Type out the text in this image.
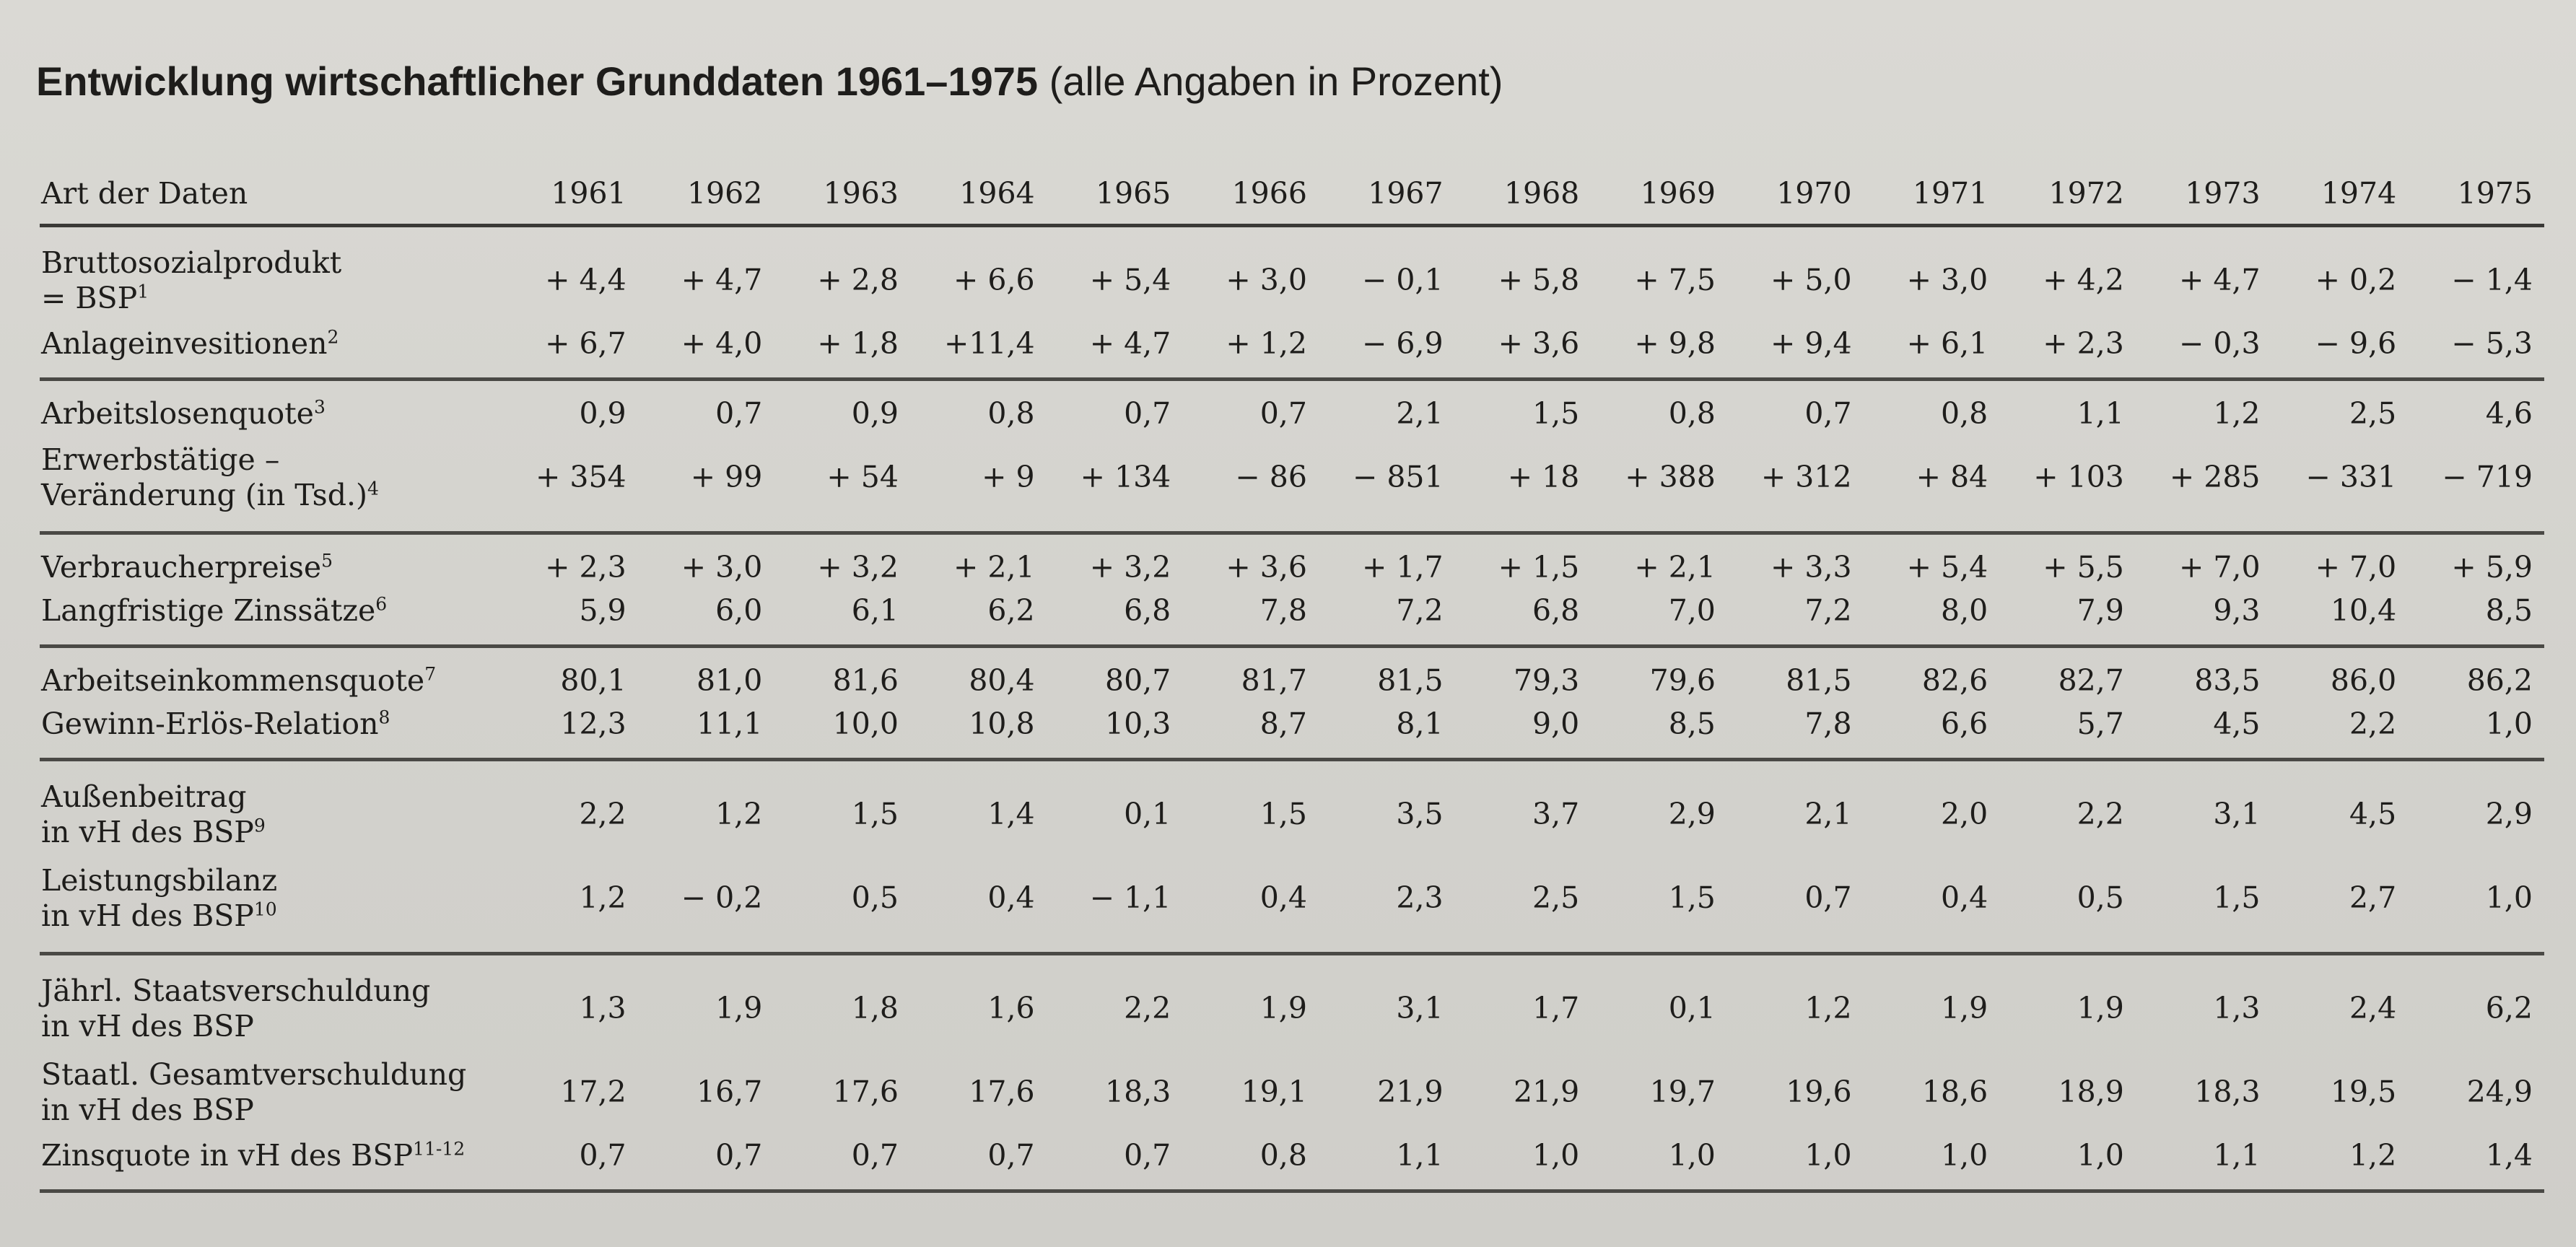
Entwicklung wirtschaftlicher Grunddaten 1961–1975 (alle Angaben in Prozent)
Art der Daten	1961	1962	1963	1964	1965	1966	1967	1968	1969	1970	1971	1972	1973	1974	1975
Bruttosozialprodukt
= $BSP^1$	+ 4,4	+ 4,7	+ 2,8	+ 6,6	+ 5,4	+ 3,0	− 0,1	+ 5,8	+ 7,5	+ 5,0	+ 3,0	+ 4,2	+ 4,7	+ 0,2	− 1,4
Anlageinvesitionen$^2$	+ 6,7	+ 4,0	+ 1,8	+11,4	+ 4,7	+ 1,2	− 6,9	+ 3,6	+ 9,8	+ 9,4	+ 6,1	+ 2,3	− 0,3	− 9,6	− 5,3
Arbeitslosenquote$^3$	0,9	0,7	0,9	0,8	0,7	0,7	2,1	1,5	0,8	0,7	0,8	1,1	1,2	2,5	4,6
Erwerbstätige –
Veränderung (in Tsd.)$^4$	+ 354	+ 99	+ 54	+ 9	+ 134	− 86	− 851	+ 18	+ 388	+ 312	+ 84	+ 103	+ 285	− 331	− 719
Verbraucherpreise$^5$	+ 2,3	+ 3,0	+ 3,2	+ 2,1	+ 3,2	+ 3,6	+ 1,7	+ 1,5	+ 2,1	+ 3,3	+ 5,4	+ 5,5	+ 7,0	+ 7,0	+ 5,9
Langfristige Zinssätze$^6$	5,9	6,0	6,1	6,2	6,8	7,8	7,2	6,8	7,0	7,2	8,0	7,9	9,3	10,4	8,5
Arbeitseinkommensquote$^7$	80,1	81,0	81,6	80,4	80,7	81,7	81,5	79,3	79,6	81,5	82,6	82,7	83,5	86,0	86,2
Gewinn-Erlös-Relation$^8$	12,3	11,1	10,0	10,8	10,3	8,7	8,1	9,0	8,5	7,8	6,6	5,7	4,5	2,2	1,0
Außenbeitrag
in vH des BSP$^9$	2,2	1,2	1,5	1,4	0,1	1,5	3,5	3,7	2,9	2,1	2,0	2,2	3,1	4,5	2,9
Leistungsbilanz
in vH des BSP$^{10}$	1,2	− 0,2	0,5	0,4	− 1,1	0,4	2,3	2,5	1,5	0,7	0,4	0,5	1,5	2,7	1,0
Jährl. Staatsverschuldung
in vH des BSP	1,3	1,9	1,8	1,6	2,2	1,9	3,1	1,7	0,1	1,2	1,9	1,9	1,3	2,4	6,2
Staatl. Gesamtverschuldung
in vH des BSP	17,2	16,7	17,6	17,6	18,3	19,1	21,9	21,9	19,7	19,6	18,6	18,9	18,3	19,5	24,9
Zinsquote in vH des BSP$^{11-12}$	0,7	0,7	0,7	0,7	0,7	0,8	1,1	1,0	1,0	1,0	1,0	1,0	1,1	1,2	1,4
